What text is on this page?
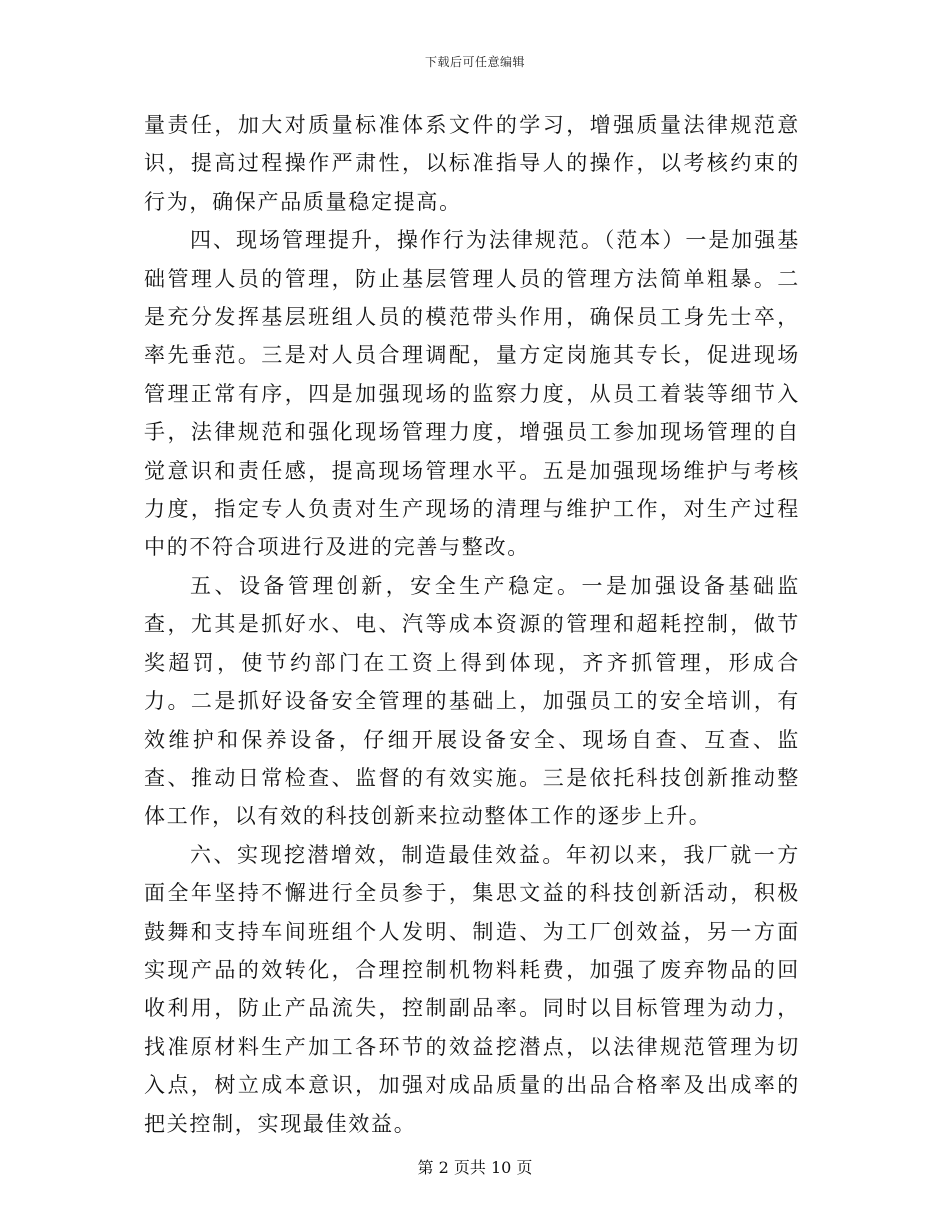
下载后可任意编辑

量责任，加大对质量标准体系文件的学习，增强质量法律规范意识，提高过程操作严肃性，以标准指导人的操作，以考核约束的行为，确保产品质量稳定提高。

四、现场管理提升，操作行为法律规范。（范本）一是加强基础管理人员的管理，防止基层管理人员的管理方法简单粗暴。二是充分发挥基层班组人员的模范带头作用，确保员工身先士卒，率先垂范。三是对人员合理调配，量方定岗施其专长，促进现场管理正常有序，四是加强现场的监察力度，从员工着装等细节入手，法律规范和强化现场管理力度，增强员工参加现场管理的自觉意识和责任感，提高现场管理水平。五是加强现场维护与考核力度，指定专人负责对生产现场的清理与维护工作，对生产过程中的不符合项进行及进的完善与整改。

五、设备管理创新，安全生产稳定。一是加强设备基础监查，尤其是抓好水、电、汽等成本资源的管理和超耗控制，做节奖超罚，使节约部门在工资上得到体现，齐齐抓管理，形成合力。二是抓好设备安全管理的基础上，加强员工的安全培训，有效维护和保养设备，仔细开展设备安全、现场自查、互查、监查、推动日常检查、监督的有效实施。三是依托科技创新推动整体工作，以有效的科技创新来拉动整体工作的逐步上升。

六、实现挖潜增效，制造最佳效益。年初以来，我厂就一方面全年坚持不懈进行全员参于，集思文益的科技创新活动，积极鼓舞和支持车间班组个人发明、制造、为工厂创效益，另一方面实现产品的效转化，合理控制机物料耗费，加强了废弃物品的回收利用，防止产品流失，控制副品率。同时以目标管理为动力，找准原材料生产加工各环节的效益挖潜点，以法律规范管理为切入点，树立成本意识，加强对成品质量的出品合格率及出成率的把关控制，实现最佳效益。

第 2 页共 10 页
